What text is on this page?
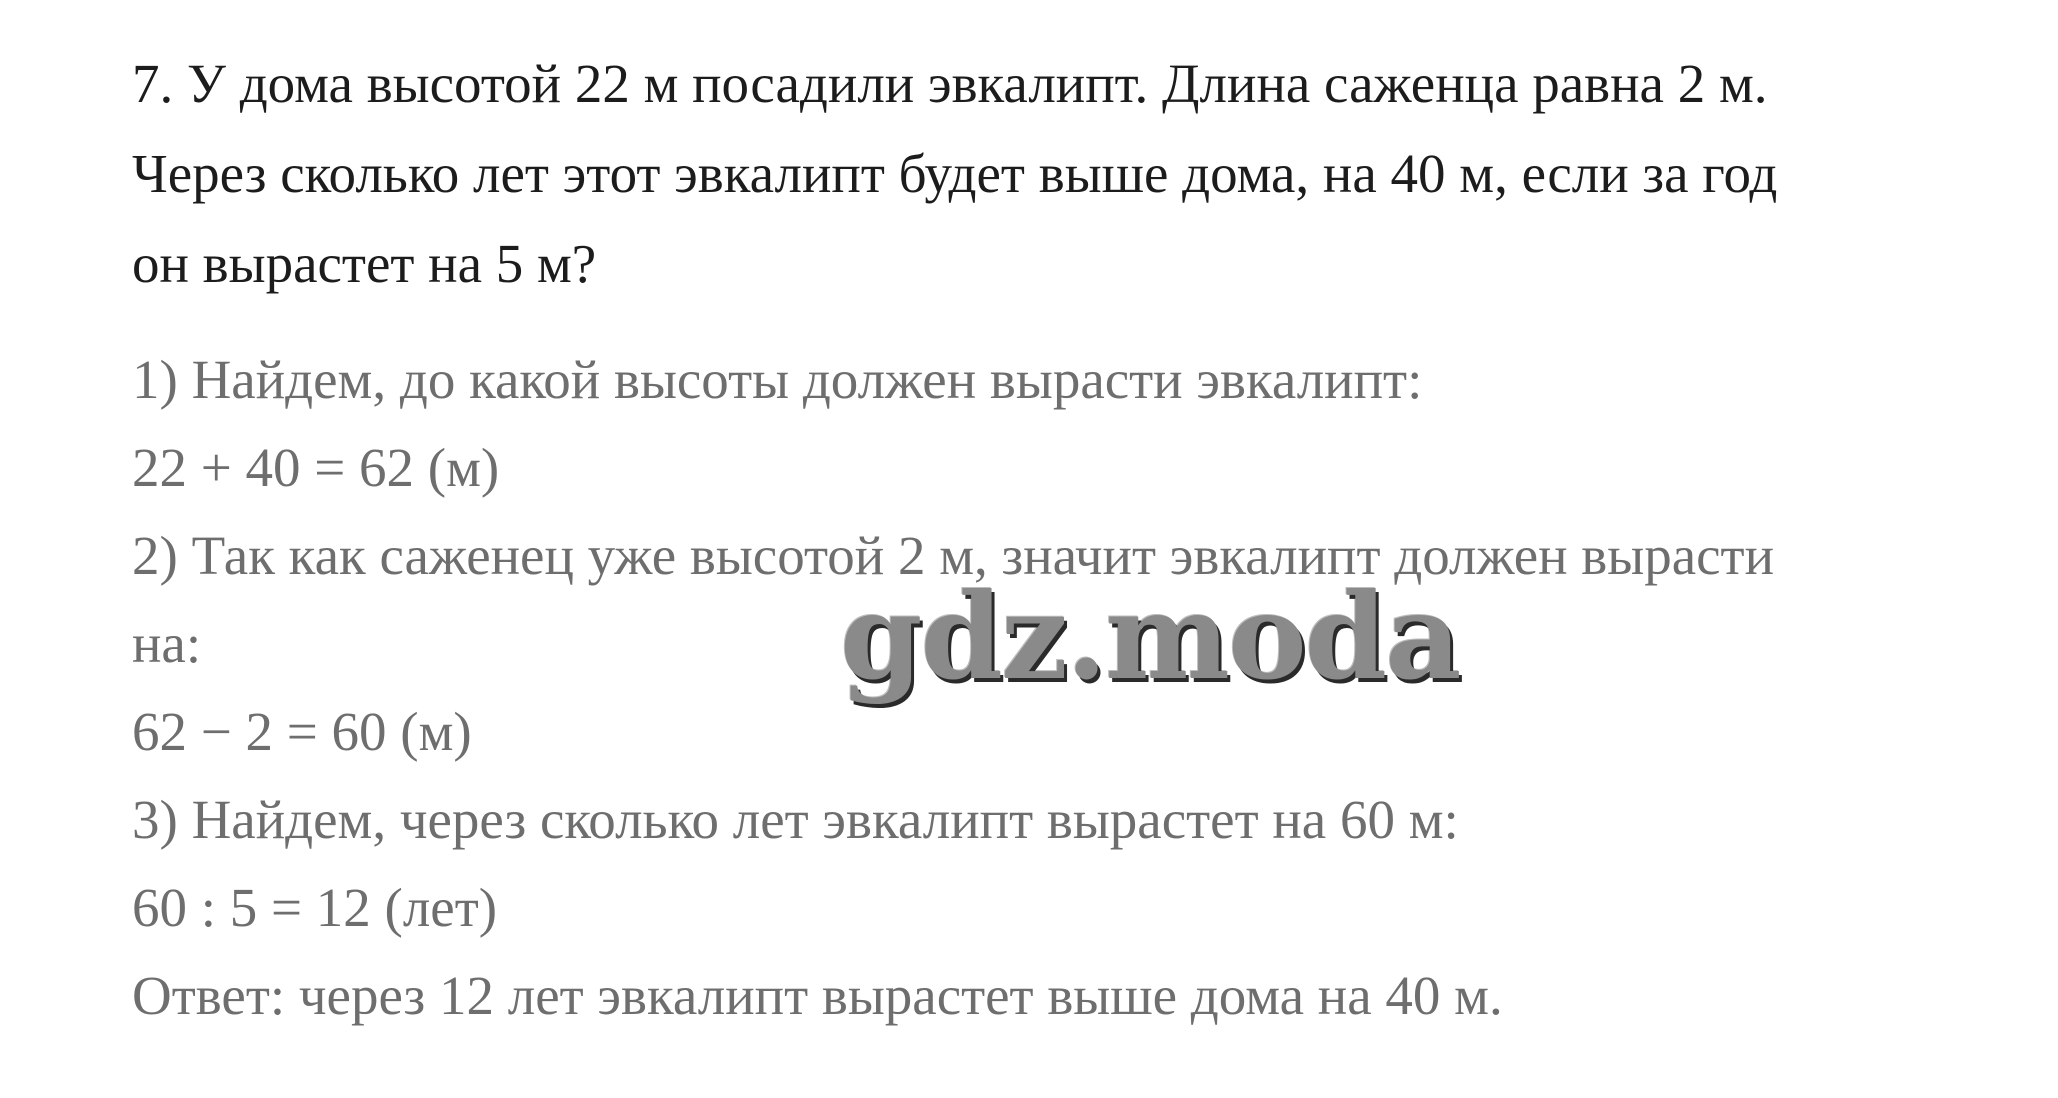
7. У дома высотой 22 м посадили эвкалипт. Длина саженца равна 2 м.
Через сколько лет этот эвкалипт будет выше дома, на 40 м, если за год
он вырастет на 5 м?
1) Найдем, до какой высоты должен вырасти эвкалипт:
22 + 40 = 62 (м)
2) Так как саженец уже высотой 2 м, значит эвкалипт должен вырасти
на:
62 − 2 = 60 (м)
3) Найдем, через сколько лет эвкалипт вырастет на 60 м:
60 : 5 = 12 (лет)
Ответ: через 12 лет эвкалипт вырастет выше дома на 40 м.
gdz.moda
